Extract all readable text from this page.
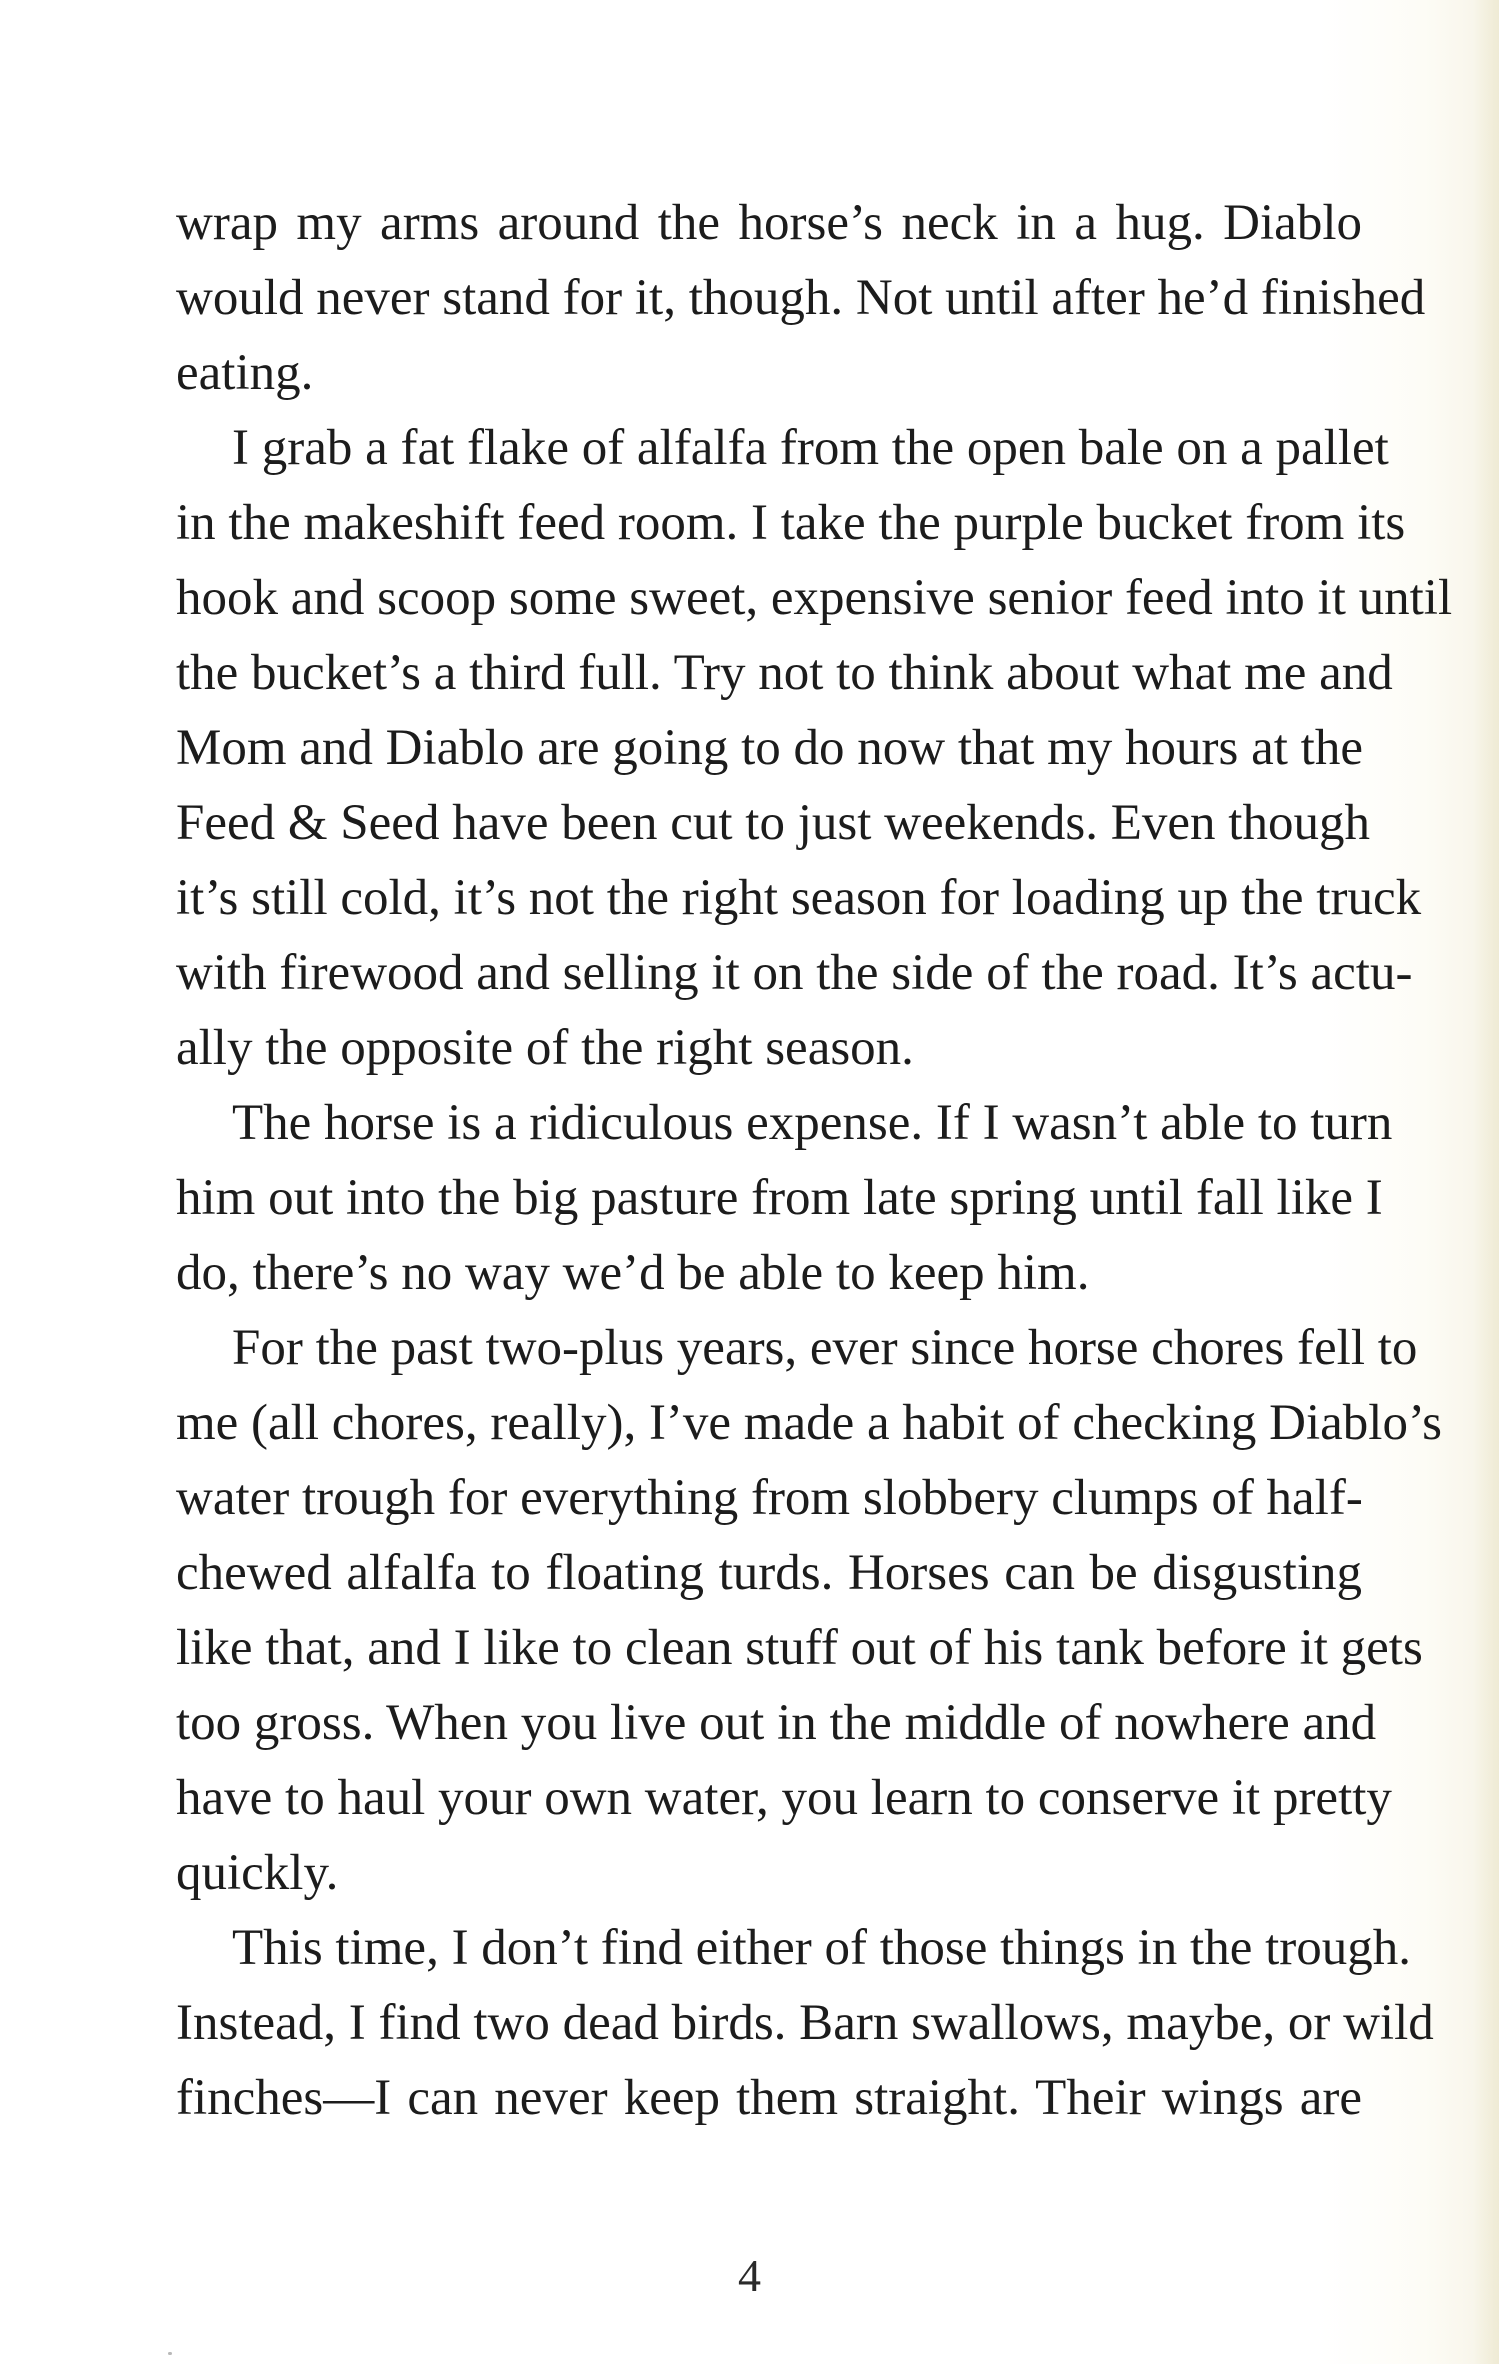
wrap my arms around the horse’s neck in a hug. Diablo
would never stand for it, though. Not until after he’d finished
eating.
I grab a fat flake of alfalfa from the open bale on a pallet
in the makeshift feed room. I take the purple bucket from its
hook and scoop some sweet, expensive senior feed into it until
the bucket’s a third full. Try not to think about what me and
Mom and Diablo are going to do now that my hours at the
Feed & Seed have been cut to just weekends. Even though
it’s still cold, it’s not the right season for loading up the truck
with firewood and selling it on the side of the road. It’s actu-
ally the opposite of the right season.
The horse is a ridiculous expense. If I wasn’t able to turn
him out into the big pasture from late spring until fall like I
do, there’s no way we’d be able to keep him.
For the past two-plus years, ever since horse chores fell to
me (all chores, really), I’ve made a habit of checking Diablo’s
water trough for everything from slobbery clumps of half-
chewed alfalfa to floating turds. Horses can be disgusting
like that, and I like to clean stuff out of his tank before it gets
too gross. When you live out in the middle of nowhere and
have to haul your own water, you learn to conserve it pretty
quickly.
This time, I don’t find either of those things in the trough.
Instead, I find two dead birds. Barn swallows, maybe, or wild
finches—I can never keep them straight. Their wings are
4
